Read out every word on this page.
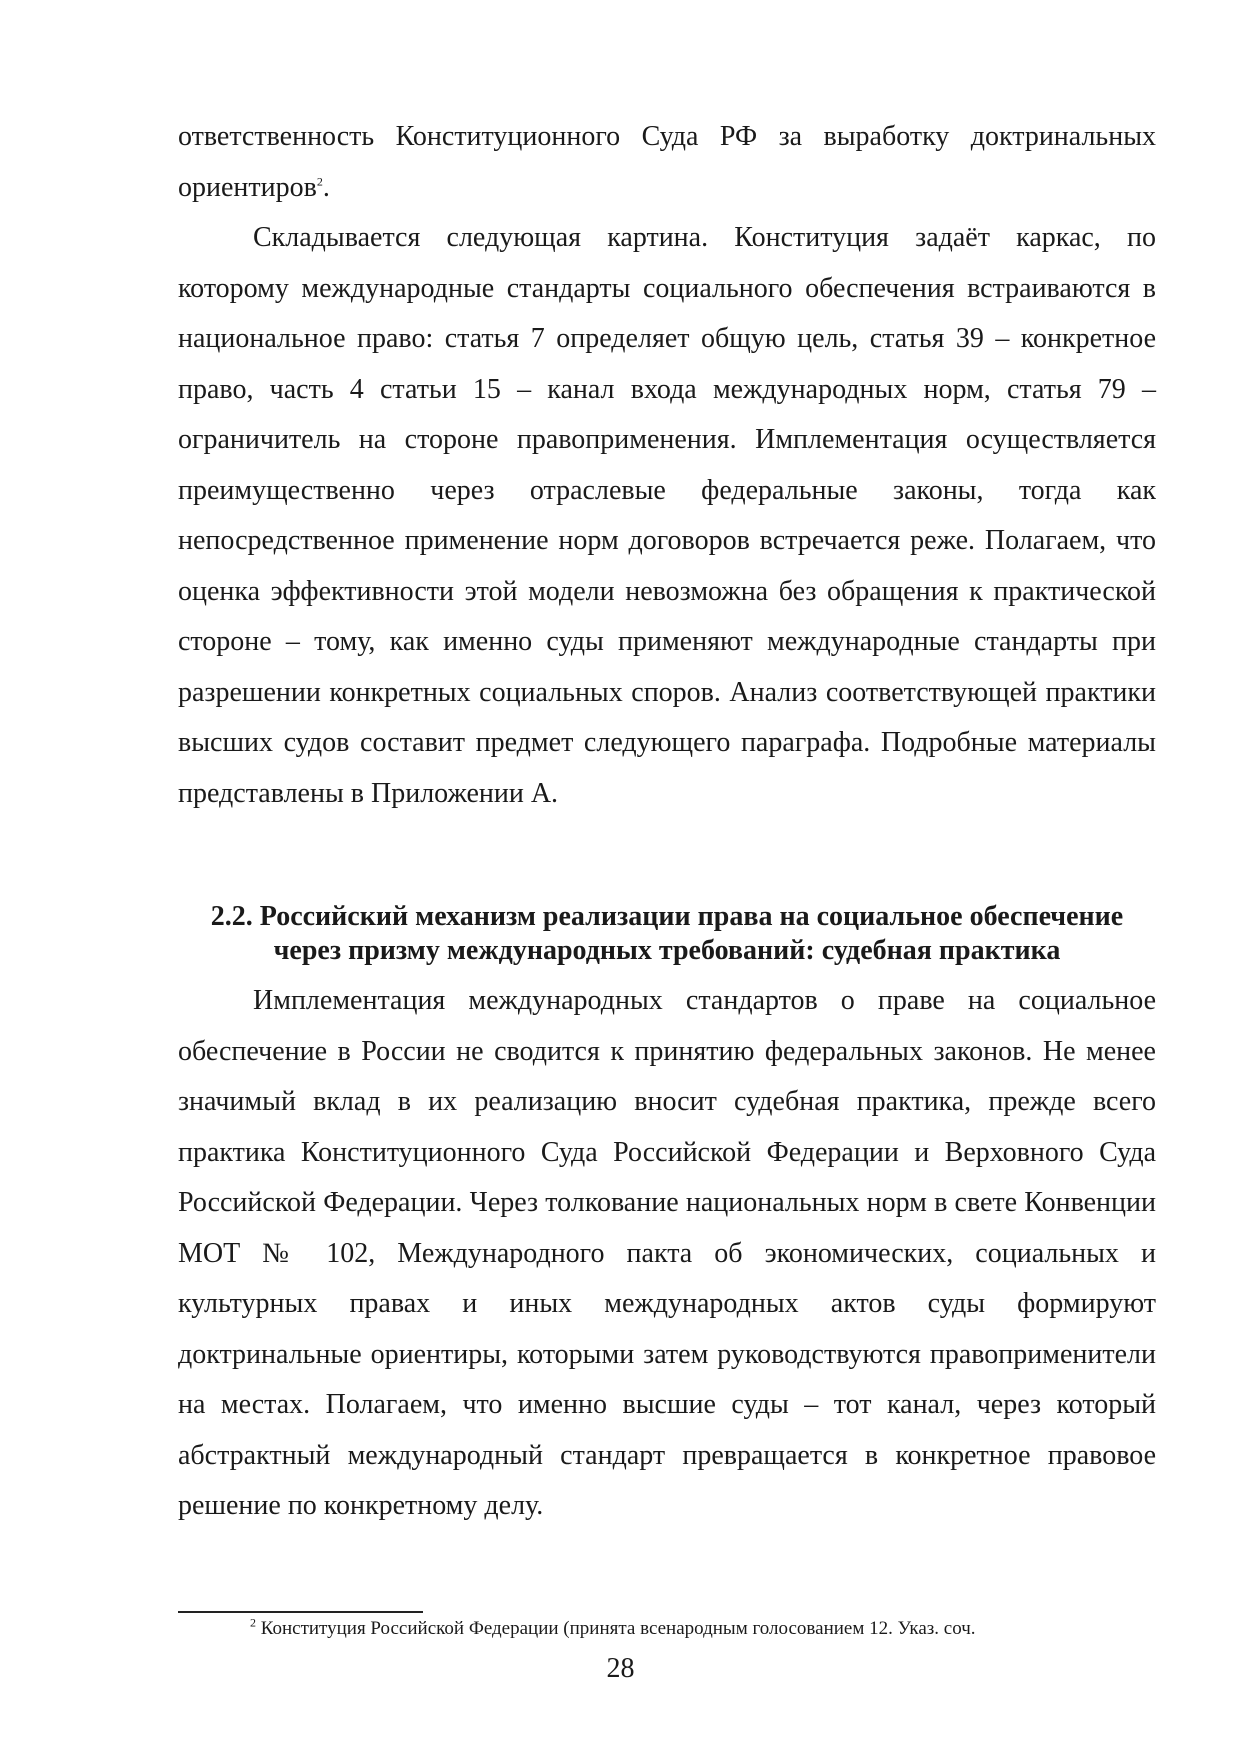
ответственность Конституционного Суда РФ за выработку доктринальных ориентиров$^2$.

Складывается следующая картина. Конституция задаёт каркас, по которому международные стандарты социального обеспечения встраиваются в национальное право: статья 7 определяет общую цель, статья 39 – конкретное право, часть 4 статьи 15 – канал входа международных норм, статья 79 – ограничитель на стороне правоприменения. Имплементация осуществляется преимущественно через отраслевые федеральные законы, тогда как непосредственное применение норм договоров встречается реже. Полагаем, что оценка эффективности этой модели невозможна без обращения к практической стороне – тому, как именно суды применяют международные стандарты при разрешении конкретных социальных споров. Анализ соответствующей практики высших судов составит предмет следующего параграфа. Подробные материалы представлены в Приложении А.

2.2. Российский механизм реализации права на социальное обеспечение
через призму международных требований: судебная практика

Имплементация международных стандартов о праве на социальное обеспечение в России не сводится к принятию федеральных законов. Не менее значимый вклад в их реализацию вносит судебная практика, прежде всего практика Конституционного Суда Российской Федерации и Верховного Суда Российской Федерации. Через толкование национальных норм в свете Конвенции МОТ № 102, Международного пакта об экономических, социальных и культурных правах и иных международных актов суды формируют доктринальные ориентиры, которыми затем руководствуются правоприменители на местах. Полагаем, что именно высшие суды – тот канал, через который абстрактный международный стандарт превращается в конкретное правовое решение по конкретному делу.

$^2$ Конституция Российской Федерации (принята всенародным голосованием 12. Указ. соч.

28
